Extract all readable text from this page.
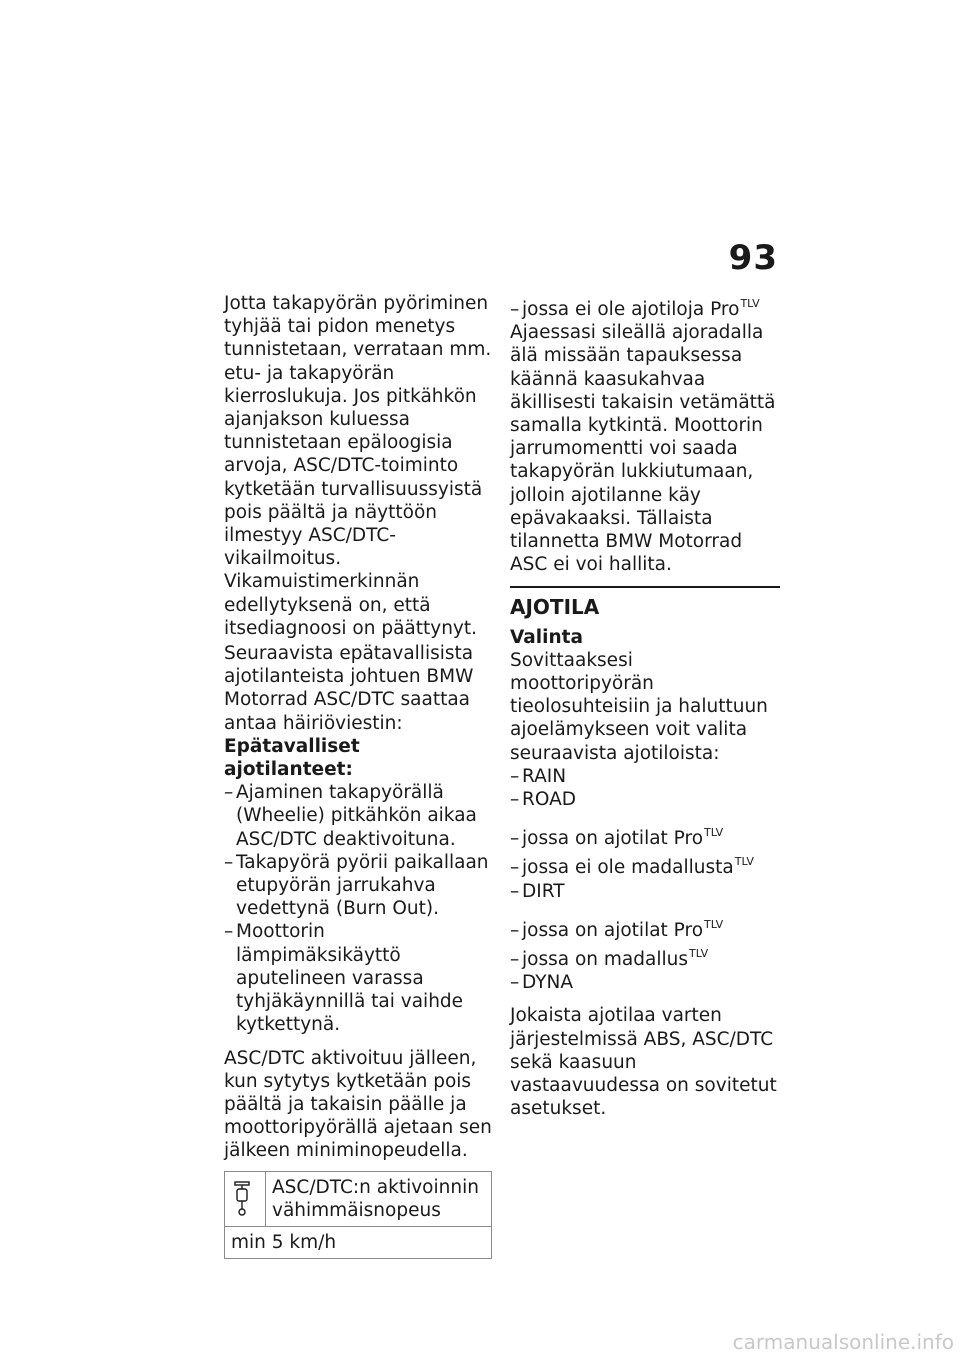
93

Jotta takapyörän pyöriminen tyhjää tai pidon menetys tunnistetaan, verrataan mm. etu- ja takapyörän kierroslukuja. Jos pitkähkön ajanjakson kuluessa tunnistetaan epäloogisia arvoja, ASC/DTC-toiminto kytketään turvallisuussyistä pois päältä ja näyttöön ilmestyy ASC/DTC-vikailmoitus. Vikamuistimerkinnän edellytyksenä on, että itsediagnoosi on päättynyt.

Seuraavista epätavallisista ajotilanteista johtuen BMW Motorrad ASC/DTC saattaa antaa häiriöviestin:

Epätavalliset ajotilanteet:

– Ajaminen takapyörällä (Wheelie) pitkähkön aikaa ASC/DTC deaktivoituna.

– Takapyörä pyörii paikallaan etupyörän jarrukahva vedettynä (Burn Out).

– Moottorin lämpimäksikäyttö aputelineen varassa tyhjäkäynnillä tai vaihde kytkettynä.

ASC/DTC aktivoituu jälleen, kun sytytys kytketään pois päältä ja takaisin päälle ja moottoripyörällä ajetaan sen jälkeen miniminopeudella.

	ASC/DTC:n aktivoinnin vähimmäisnopeus
min 5 km/h

– jossa ei ole ajotiloja Pro$^{TLV}$

Ajaessasi sileällä ajoradalla älä missään tapauksessa käännä kaasukahvaa äkillisesti takaisin vetämättä samalla kytkintä. Moottorin jarrumomentti voi saada takapyörän lukkiutumaan, jolloin ajotilanne käy epävakaaksi. Tällaista tilannetta BMW Motorrad ASC ei voi hallita.

AJOTILA

Valinta

Sovittaaksesi moottoripyörän tieolosuhteisiin ja haluttuun ajoelämykseen voit valita seuraavista ajotiloista:

– RAIN

– ROAD

– jossa on ajotilat Pro$^{TLV}$

– jossa ei ole madallusta$^{TLV}$

– DIRT

– jossa on ajotilat Pro$^{TLV}$

– jossa on madallus$^{TLV}$

– DYNA

Jokaista ajotilaa varten järjestelmissä ABS, ASC/DTC sekä kaasuun vastaavuudessa on sovitetut asetukset.

carmanualsonline.info
